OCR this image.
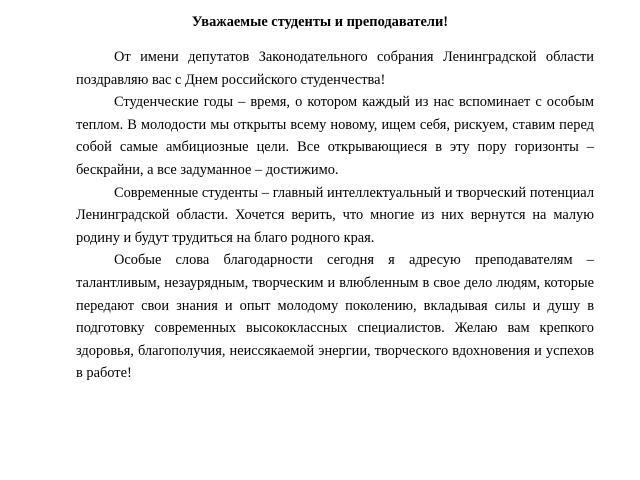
Уважаемые студенты и преподаватели!

От имени депутатов Законодательного собрания Ленинградской области поздравляю вас с Днем российского студенчества!

Студенческие годы – время, о котором каждый из нас вспоминает с особым теплом. В молодости мы открыты всему новому, ищем себя, рискуем, ставим перед собой самые амбициозные цели. Все открывающиеся в эту пору горизонты – бескрайни, а все задуманное – достижимо.

Современные студенты – главный интеллектуальный и творческий потенциал Ленинградской области. Хочется верить, что многие из них вернутся на малую родину и будут трудиться на благо родного края.

Особые слова благодарности сегодня я адресую преподавателям – талантливым, незаурядным, творческим и влюбленным в свое дело людям, которые передают свои знания и опыт молодому поколению, вкладывая силы и душу в подготовку современных высококлассных специалистов. Желаю вам крепкого здоровья, благополучия, неиссякаемой энергии, творческого вдохновения и успехов в работе!
